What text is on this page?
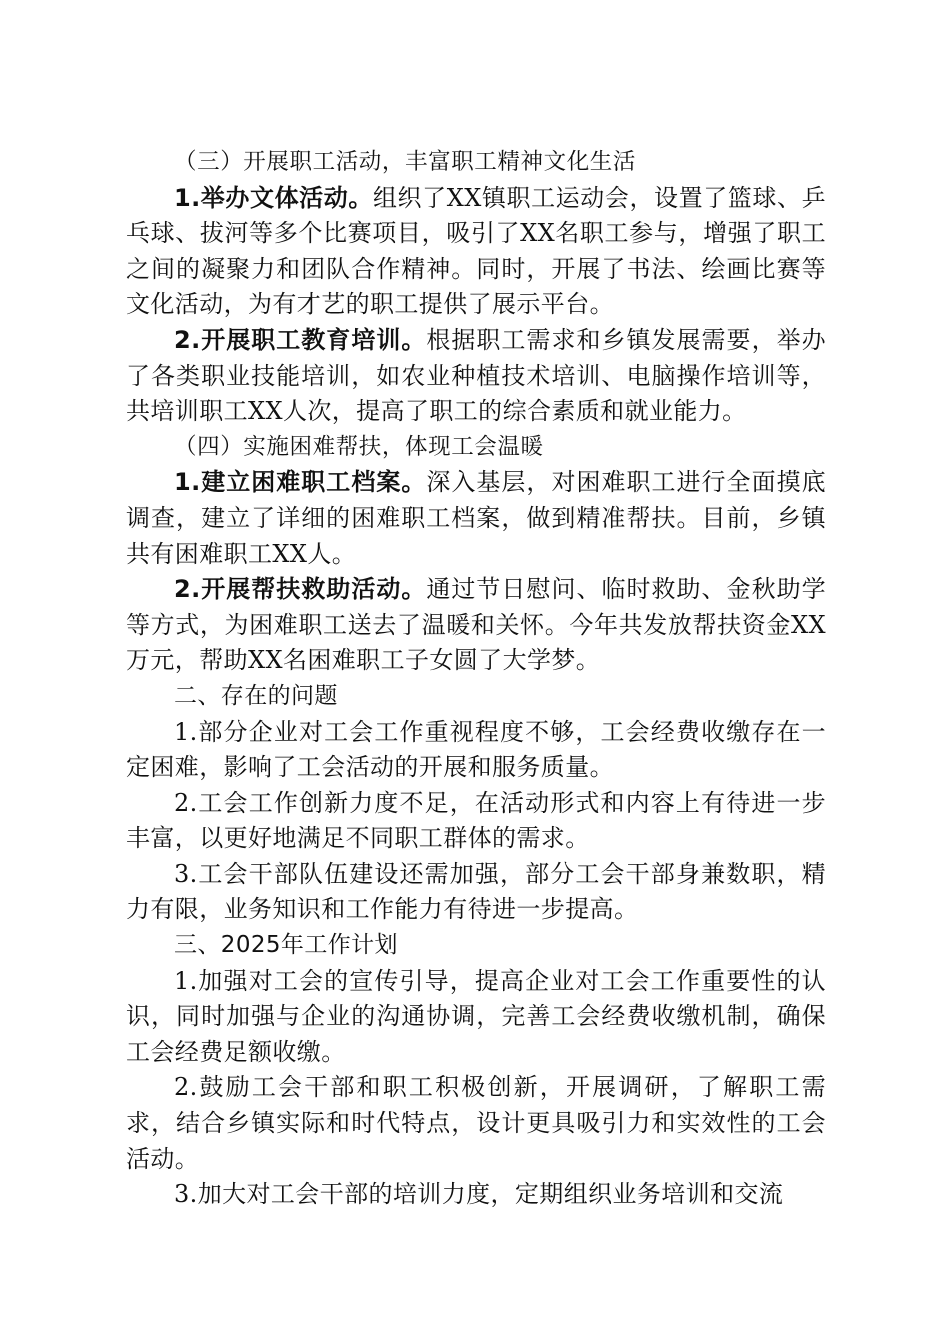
（三）开展职工活动，丰富职工精神文化生活

1.举办文体活动。组织了XX镇职工运动会，设置了篮球、乒乓球、拔河等多个比赛项目，吸引了XX名职工参与，增强了职工之间的凝聚力和团队合作精神。同时，开展了书法、绘画比赛等文化活动，为有才艺的职工提供了展示平台。

2.开展职工教育培训。根据职工需求和乡镇发展需要，举办了各类职业技能培训，如农业种植技术培训、电脑操作培训等，共培训职工XX人次，提高了职工的综合素质和就业能力。

（四）实施困难帮扶，体现工会温暖

1.建立困难职工档案。深入基层，对困难职工进行全面摸底调查，建立了详细的困难职工档案，做到精准帮扶。目前，乡镇共有困难职工XX人。

2.开展帮扶救助活动。通过节日慰问、临时救助、金秋助学等方式，为困难职工送去了温暖和关怀。今年共发放帮扶资金XX万元，帮助XX名困难职工子女圆了大学梦。

二、存在的问题

1.部分企业对工会工作重视程度不够，工会经费收缴存在一定困难，影响了工会活动的开展和服务质量。

2.工会工作创新力度不足，在活动形式和内容上有待进一步丰富，以更好地满足不同职工群体的需求。

3.工会干部队伍建设还需加强，部分工会干部身兼数职，精力有限，业务知识和工作能力有待进一步提高。

三、2025年工作计划

1.加强对工会的宣传引导，提高企业对工会工作重要性的认识，同时加强与企业的沟通协调，完善工会经费收缴机制，确保工会经费足额收缴。

2.鼓励工会干部和职工积极创新，开展调研，了解职工需求，结合乡镇实际和时代特点，设计更具吸引力和实效性的工会活动。

3.加大对工会干部的培训力度，定期组织业务培训和交流
